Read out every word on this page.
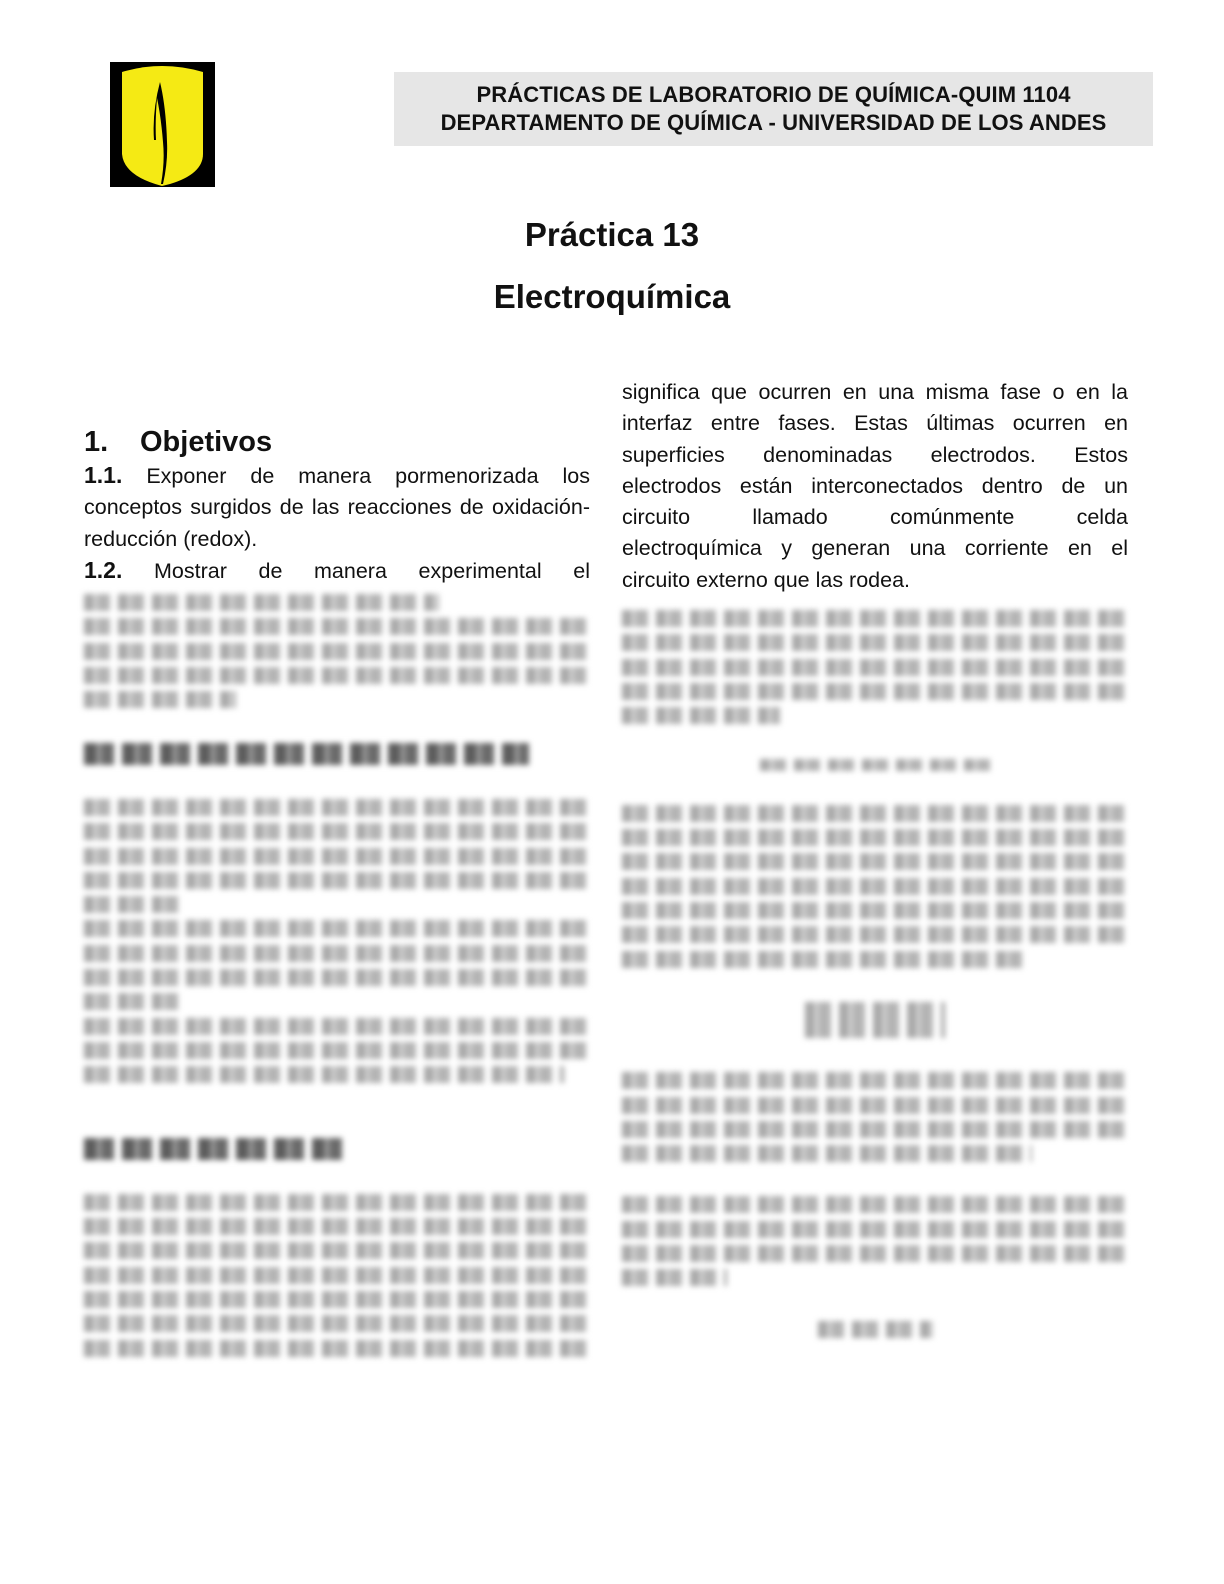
PRÁCTICAS DE LABORATORIO DE QUÍMICA-QUIM 1104
DEPARTAMENTO DE QUÍMICA - UNIVERSIDAD DE LOS ANDES
Práctica 13
Electroquímica
1. Objetivos

1.1. Exponer de manera pormenorizada los conceptos surgidos de las reacciones de oxidación-reducción (redox).

1.2. Mostrar de manera experimental el

significa que ocurren en una misma fase o en la
interfaz entre fases. Estas últimas ocurren en
superficies denominadas electrodos. Estos
electrodos están interconectados dentro de un
circuito llamado comúnmente celda
electroquímica y generan una corriente en el
circuito externo que las rodea.
